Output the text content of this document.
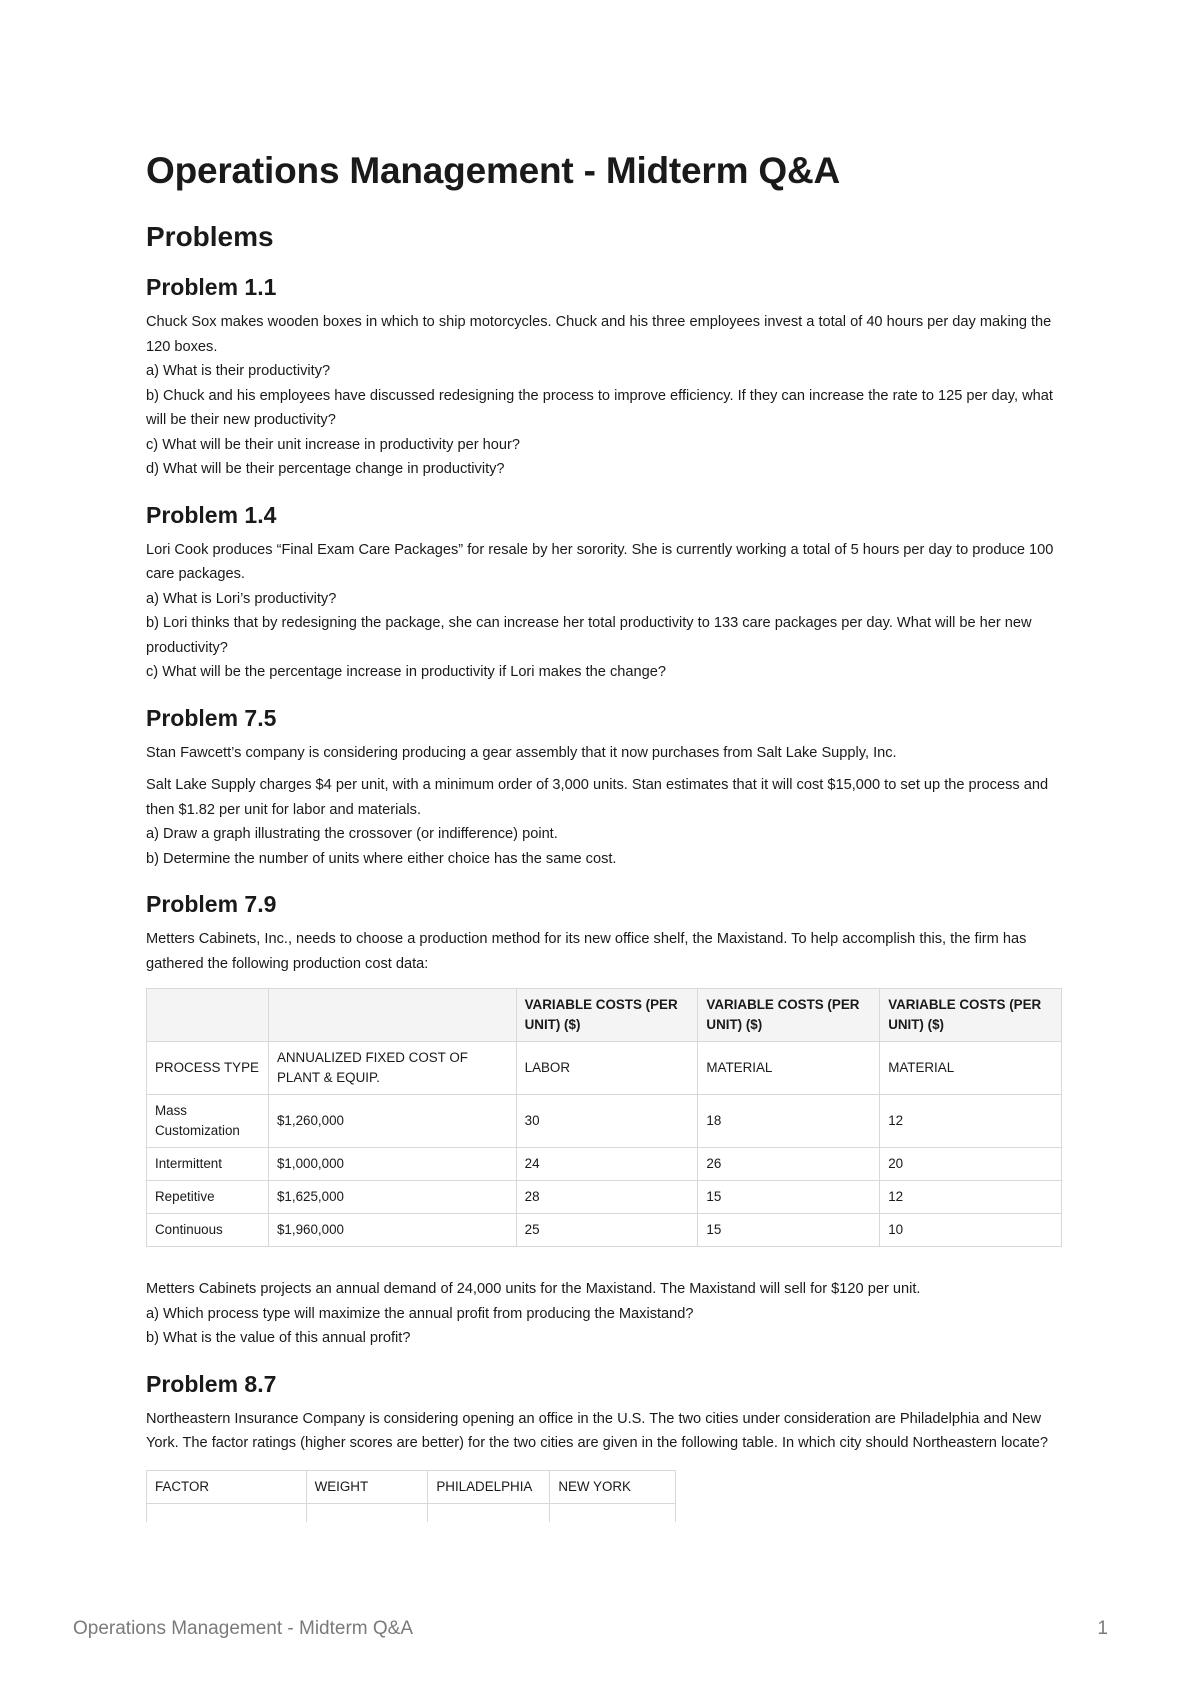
Operations Management - Midterm Q&A
Problems
Problem 1.1

Chuck Sox makes wooden boxes in which to ship motorcycles. Chuck and his three employees invest a total of 40 hours per day making the 120 boxes.

a) What is their productivity?

b) Chuck and his employees have discussed redesigning the process to improve efficiency. If they can increase the rate to 125 per day, what will be their new productivity?

c) What will be their unit increase in productivity per hour?

d) What will be their percentage change in productivity?

Problem 1.4

Lori Cook produces “Final Exam Care Packages” for resale by her sorority. She is currently working a total of 5 hours per day to produce 100 care packages.

a) What is Lori’s productivity?

b) Lori thinks that by redesigning the package, she can increase her total productivity to 133 care packages per day. What will be her new productivity?

c) What will be the percentage increase in productivity if Lori makes the change?

Problem 7.5

Stan Fawcett’s company is considering producing a gear assembly that it now purchases from Salt Lake Supply, Inc.

Salt Lake Supply charges $4 per unit, with a minimum order of 3,000 units. Stan estimates that it will cost $15,000 to set up the process and then $1.82 per unit for labor and materials.

a) Draw a graph illustrating the crossover (or indifference) point.

b) Determine the number of units where either choice has the same cost.

Problem 7.9

Metters Cabinets, Inc., needs to choose a production method for its new office shelf, the Maxistand. To help accomplish this, the firm has gathered the following production cost data:

		VARIABLE COSTS (PER UNIT) ($)	VARIABLE COSTS (PER UNIT) ($)	VARIABLE COSTS (PER UNIT) ($)
PROCESS TYPE	ANNUALIZED FIXED COST OF PLANT & EQUIP.	LABOR	MATERIAL	MATERIAL
Mass Customization	$1,260,000	30	18	12
Intermittent	$1,000,000	24	26	20
Repetitive	$1,625,000	28	15	12
Continuous	$1,960,000	25	15	10

Metters Cabinets projects an annual demand of 24,000 units for the Maxistand. The Maxistand will sell for $120 per unit.

a) Which process type will maximize the annual profit from producing the Maxistand?

b) What is the value of this annual profit?

Problem 8.7

Northeastern Insurance Company is considering opening an office in the U.S. The two cities under consideration are Philadelphia and New York. The factor ratings (higher scores are better) for the two cities are given in the following table. In which city should Northeastern locate?

FACTOR	WEIGHT	PHILADELPHIA	NEW YORK

Operations Management - Midterm Q&A	1
